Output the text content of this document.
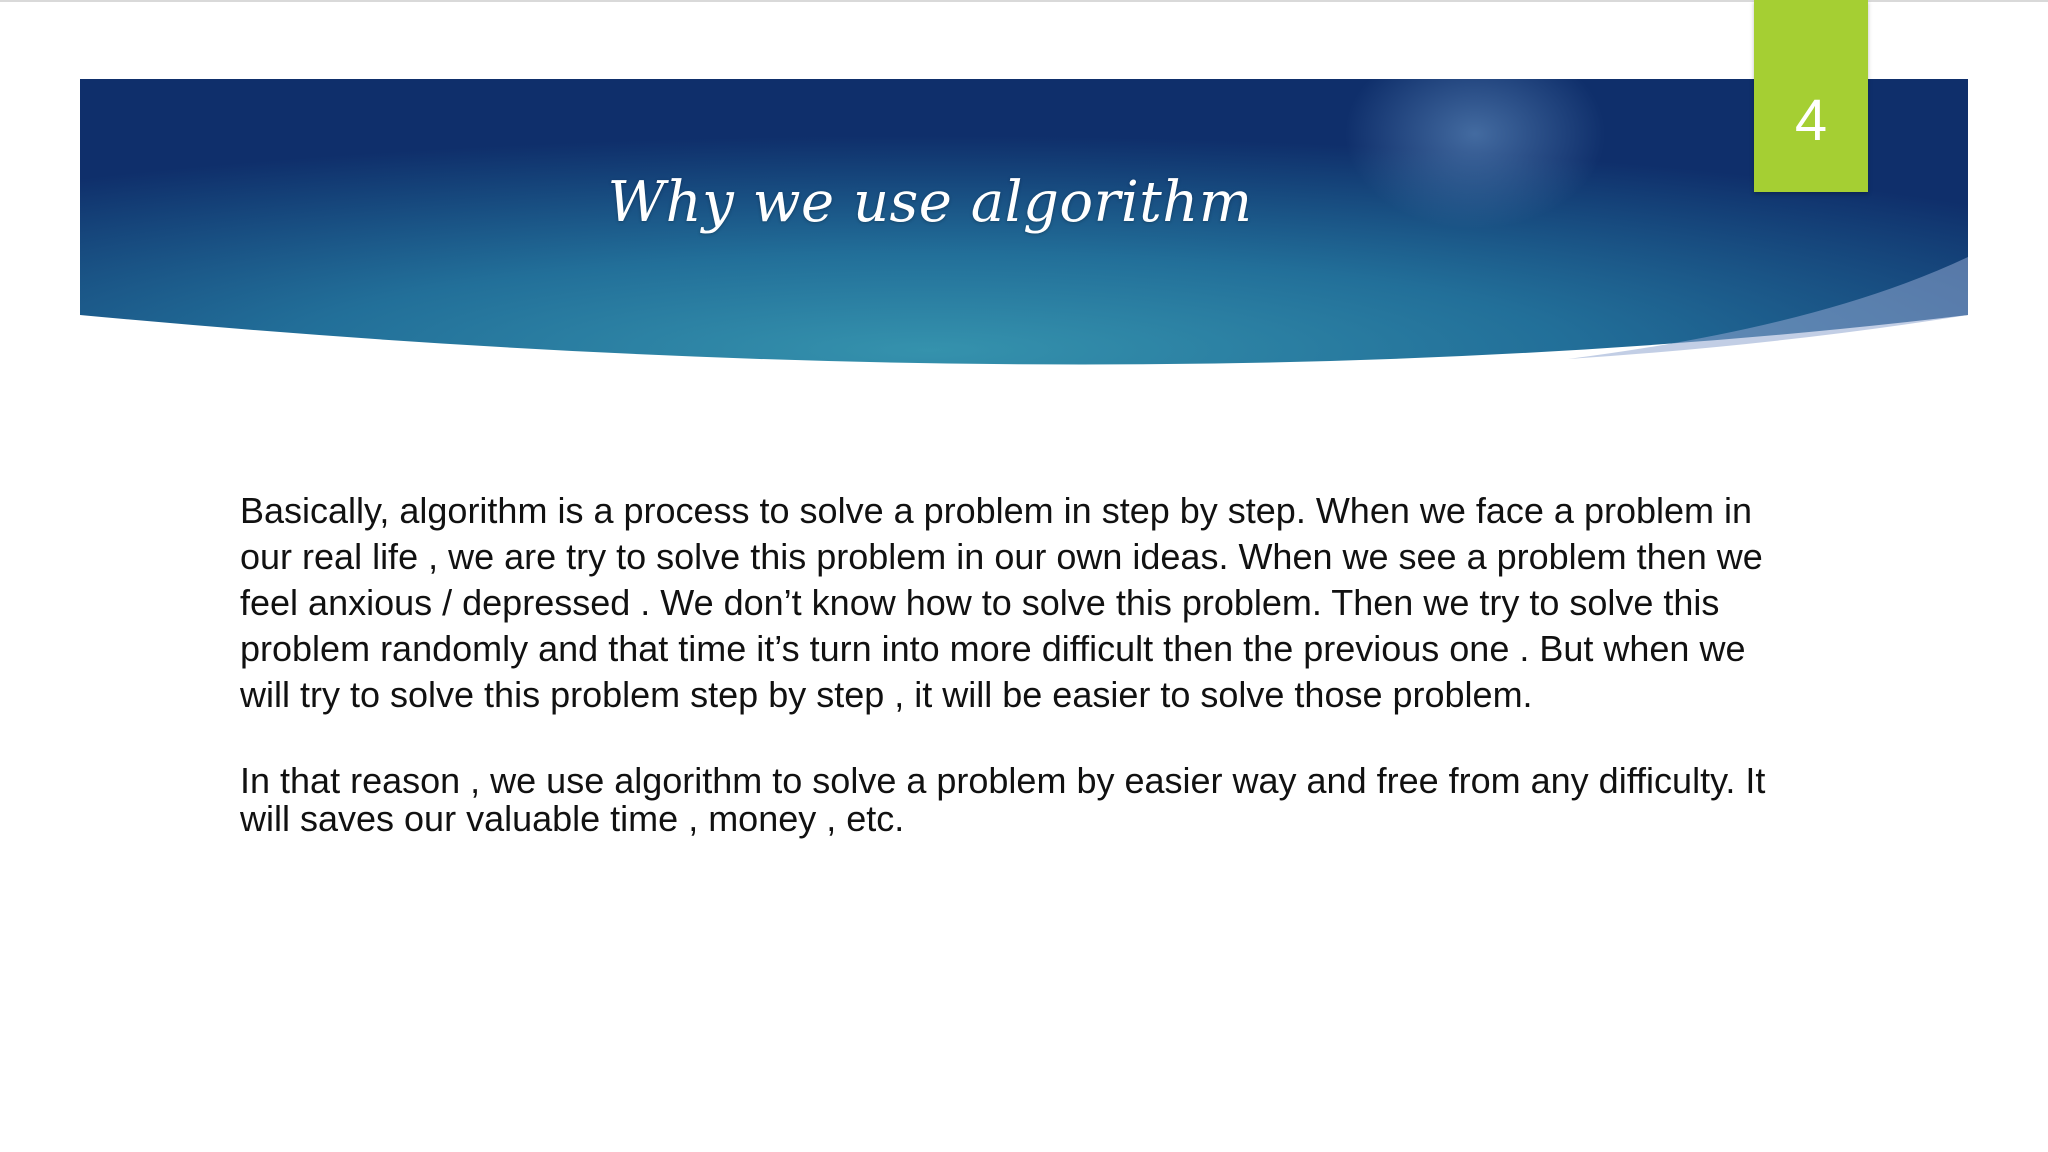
Why we use algorithm
4

Basically, algorithm is a process to solve a problem in step by step. When we face a problem in our real life , we are try to solve this problem in our own ideas. When we see a problem then we feel anxious / depressed . We don’t know how to solve this problem. Then we try to solve this problem randomly and that time it’s turn into more difficult then the previous one . But when we will try to solve this problem step by step , it will be easier to solve those problem.

In that reason , we use algorithm to solve a problem by easier way and free from any difficulty. It will saves our valuable time , money , etc.
